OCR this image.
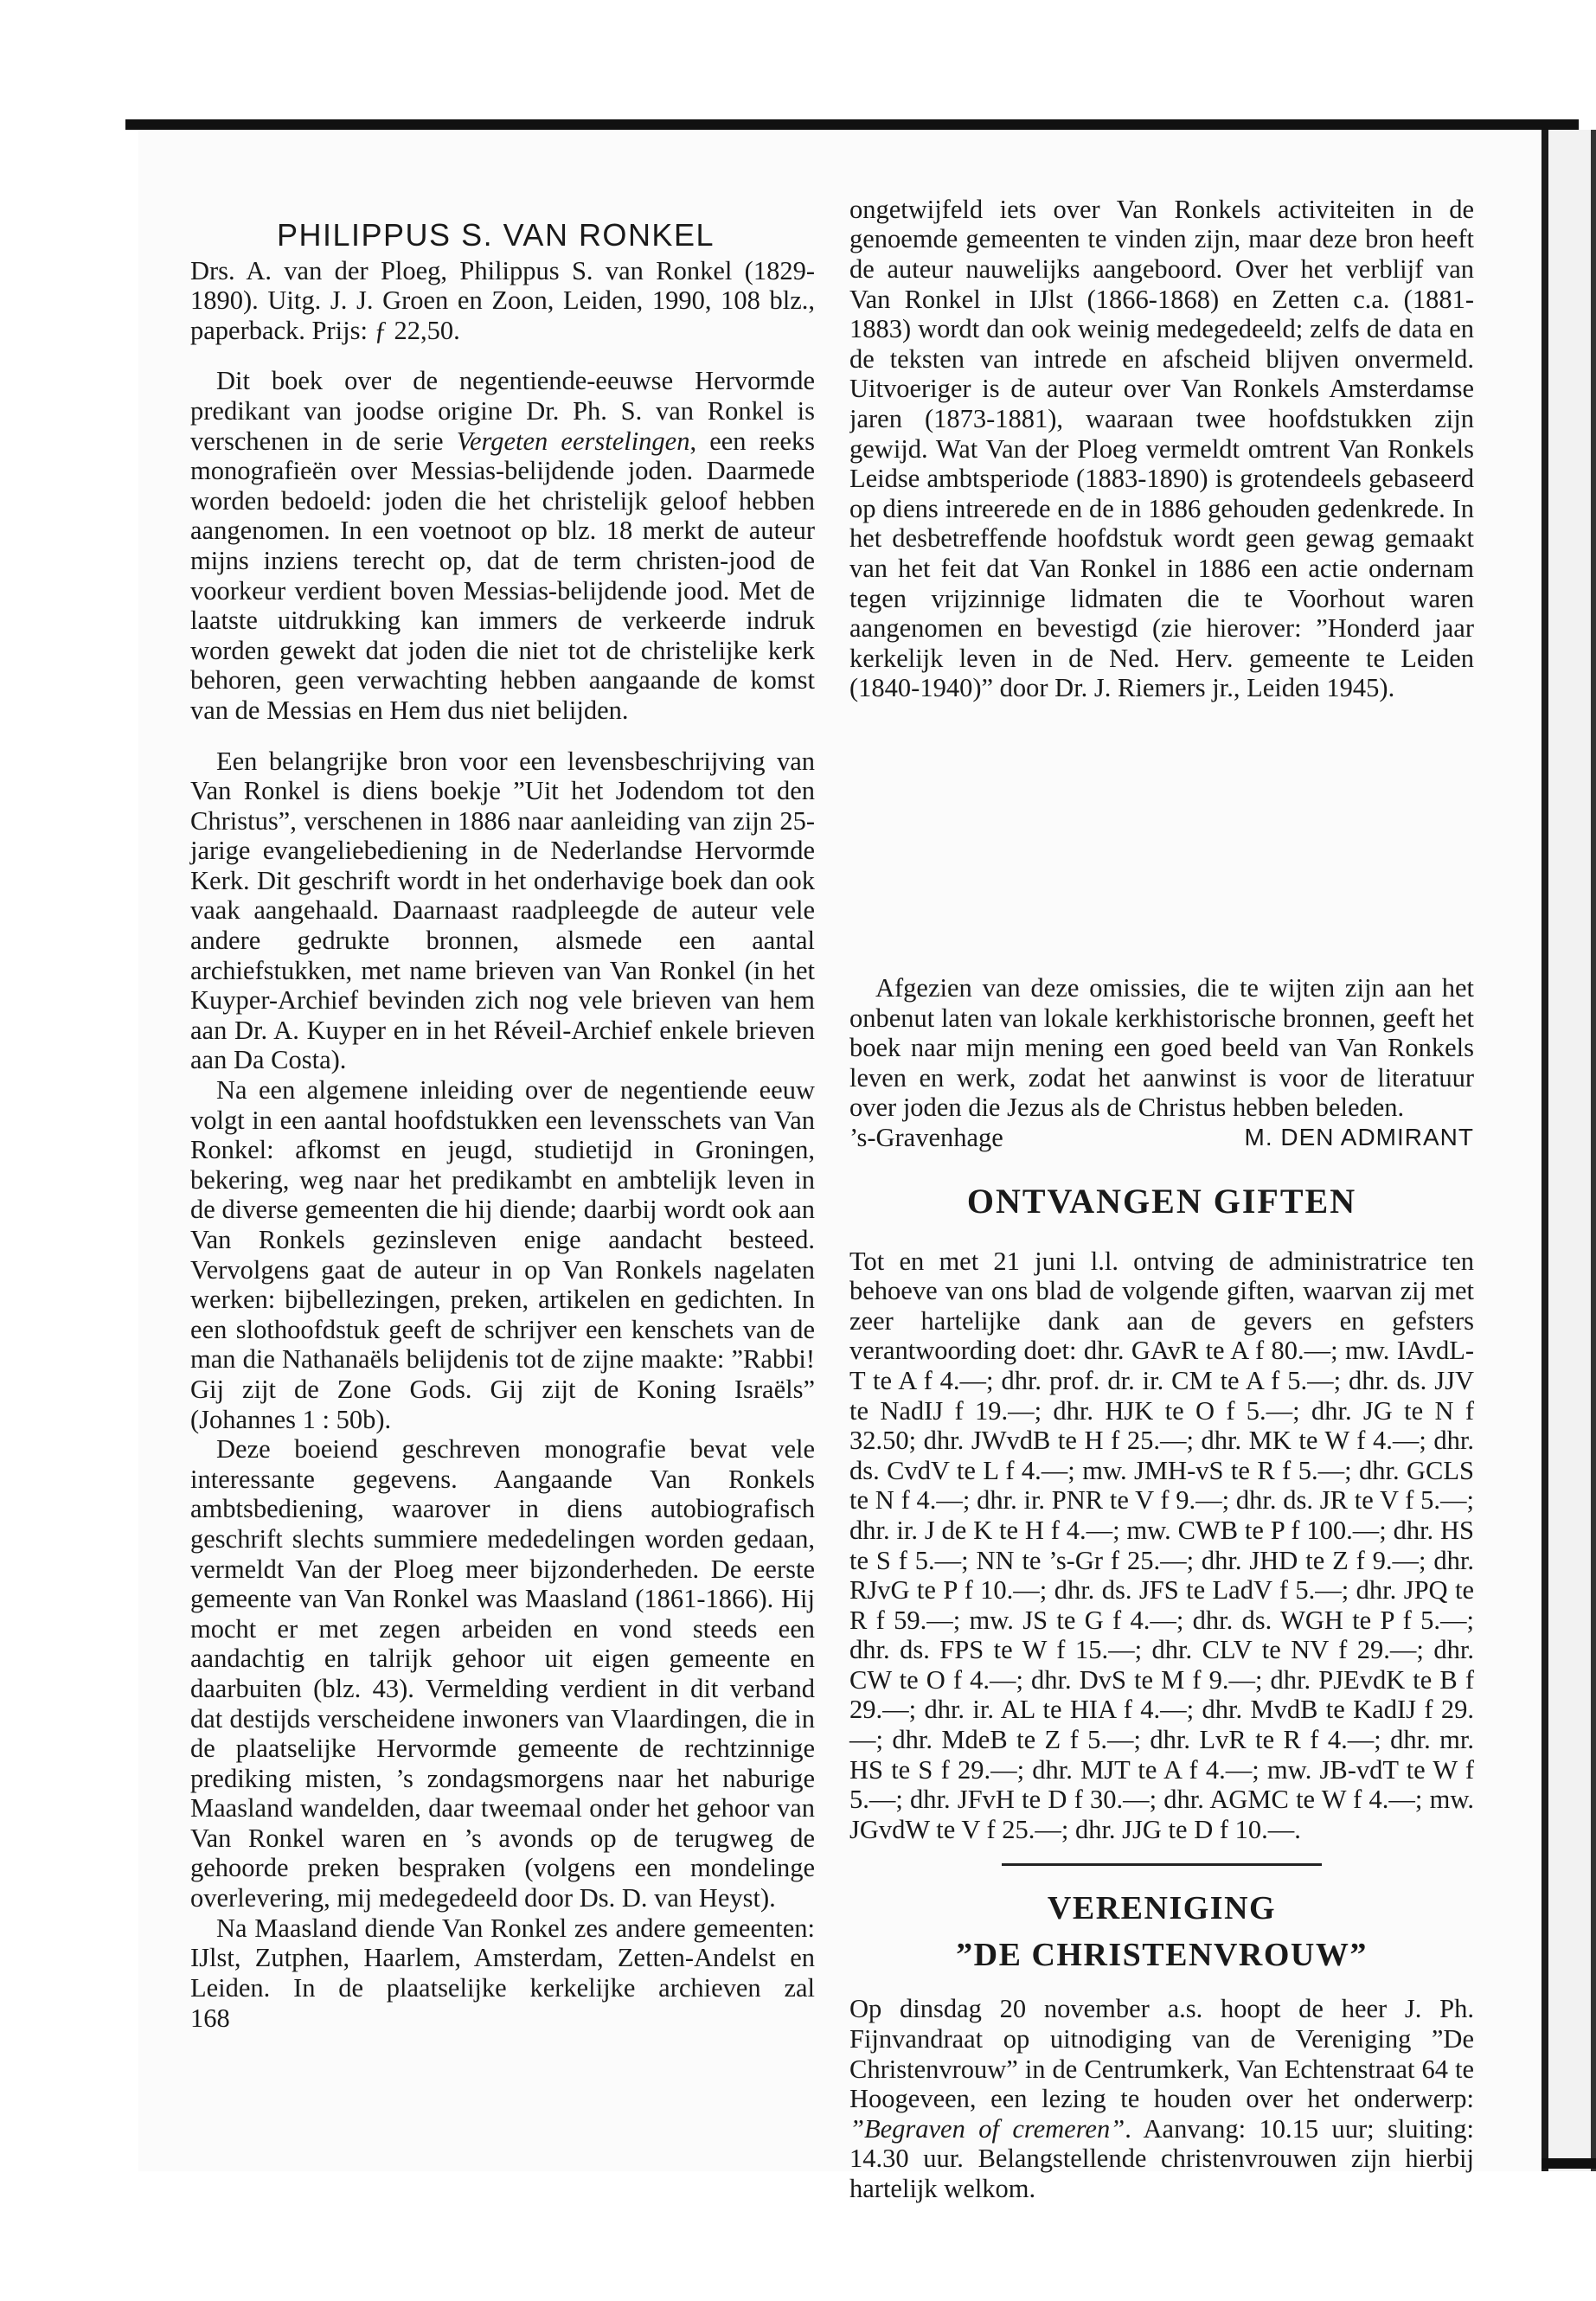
PHILIPPUS S. VAN RONKEL

Drs. A. van der Ploeg, Philippus S. van Ronkel (1829-1890). Uitg. J. J. Groen en Zoon, Leiden, 1990, 108 blz., paperback. Prijs: ƒ 22,50.

Dit boek over de negentiende-eeuwse Hervormde predikant van joodse origine Dr. Ph. S. van Ronkel is verschenen in de serie Vergeten eerstelingen, een reeks monografieën over Messias-belijdende joden. Daarmede worden bedoeld: joden die het christelijk geloof hebben aangenomen. In een voetnoot op blz. 18 merkt de auteur mijns inziens terecht op, dat de term christen-jood de voorkeur verdient boven Messias-belijdende jood. Met de laatste uitdrukking kan immers de verkeerde indruk worden gewekt dat joden die niet tot de christelijke kerk behoren, geen verwachting hebben aangaande de komst van de Messias en Hem dus niet belijden.

Een belangrijke bron voor een levensbeschrijving van Van Ronkel is diens boekje ”Uit het Jodendom tot den Christus”, verschenen in 1886 naar aanleiding van zijn 25-jarige evangeliebediening in de Nederlandse Hervormde Kerk. Dit geschrift wordt in het onderhavige boek dan ook vaak aangehaald. Daarnaast raadpleegde de auteur vele andere gedrukte bronnen, alsmede een aantal archiefstukken, met name brieven van Van Ronkel (in het Kuyper-Archief bevinden zich nog vele brieven van hem aan Dr. A. Kuyper en in het Réveil-Archief enkele brieven aan Da Costa).

Na een algemene inleiding over de negentiende eeuw volgt in een aantal hoofdstukken een levensschets van Van Ronkel: afkomst en jeugd, studietijd in Groningen, bekering, weg naar het predikambt en ambtelijk leven in de diverse gemeenten die hij diende; daarbij wordt ook aan Van Ronkels gezinsleven enige aandacht besteed. Vervolgens gaat de auteur in op Van Ronkels nagelaten werken: bijbellezingen, preken, artikelen en gedichten. In een slothoofdstuk geeft de schrijver een kenschets van de man die Nathanaëls belijdenis tot de zijne maakte: ”Rabbi! Gij zijt de Zone Gods. Gij zijt de Koning Israëls” (Johannes 1 : 50b).

Deze boeiend geschreven monografie bevat vele interessante gegevens. Aangaande Van Ronkels ambtsbediening, waarover in diens autobiografisch geschrift slechts summiere mededelingen worden gedaan, vermeldt Van der Ploeg meer bijzonderheden. De eerste gemeente van Van Ronkel was Maasland (1861-1866). Hij mocht er met zegen arbeiden en vond steeds een aandachtig en talrijk gehoor uit eigen gemeente en daarbuiten (blz. 43). Vermelding verdient in dit verband dat destijds verscheidene inwoners van Vlaardingen, die in de plaatselijke Hervormde gemeente de rechtzinnige prediking misten, ’s zondagsmorgens naar het naburige Maasland wandelden, daar tweemaal onder het gehoor van Van Ronkel waren en ’s avonds op de terugweg de gehoorde preken bespraken (volgens een mondelinge overlevering, mij medegedeeld door Ds. D. van Heyst).

Na Maasland diende Van Ronkel zes andere gemeenten: IJlst, Zutphen, Haarlem, Amsterdam, Zetten-Andelst en Leiden. In de plaatselijke kerkelijke archieven zal

168

ongetwijfeld iets over Van Ronkels activiteiten in de genoemde gemeenten te vinden zijn, maar deze bron heeft de auteur nauwelijks aangeboord. Over het verblijf van Van Ronkel in IJlst (1866-1868) en Zetten c.a. (1881-1883) wordt dan ook weinig medegedeeld; zelfs de data en de teksten van intrede en afscheid blijven onvermeld. Uitvoeriger is de auteur over Van Ronkels Amsterdamse jaren (1873-1881), waaraan twee hoofdstukken zijn gewijd. Wat Van der Ploeg vermeldt omtrent Van Ronkels Leidse ambtsperiode (1883-1890) is grotendeels gebaseerd op diens intreerede en de in 1886 gehouden gedenkrede. In het desbetreffende hoofdstuk wordt geen gewag gemaakt van het feit dat Van Ronkel in 1886 een actie ondernam tegen vrijzinnige lidmaten die te Voorhout waren aangenomen en bevestigd (zie hierover: ”Honderd jaar kerkelijk leven in de Ned. Herv. gemeente te Leiden (1840-1940)” door Dr. J. Riemers jr., Leiden 1945).

Afgezien van deze omissies, die te wijten zijn aan het onbenut laten van lokale kerkhistorische bronnen, geeft het boek naar mijn mening een goed beeld van Van Ronkels leven en werk, zodat het aanwinst is voor de literatuur over joden die Jezus als de Christus hebben beleden.

’s-Gravenhage	M. DEN ADMIRANT

ONTVANGEN GIFTEN

Tot en met 21 juni l.l. ontving de administratrice ten behoeve van ons blad de volgende giften, waarvan zij met zeer hartelijke dank aan de gevers en gefsters verantwoording doet: dhr. GAvR te A f 80.—; mw. IAvdL-T te A f 4.—; dhr. prof. dr. ir. CM te A f 5.—; dhr. ds. JJV te NadIJ f 19.—; dhr. HJK te O f 5.—; dhr. JG te N f 32.50; dhr. JWvdB te H f 25.—; dhr. MK te W f 4.—; dhr. ds. CvdV te L f 4.—; mw. JMH-vS te R f 5.—; dhr. GCLS te N f 4.—; dhr. ir. PNR te V f 9.—; dhr. ds. JR te V f 5.—; dhr. ir. J de K te H f 4.—; mw. CWB te P f 100.—; dhr. HS te S f 5.—; NN te ’s-Gr f 25.—; dhr. JHD te Z f 9.—; dhr. RJvG te P f 10.—; dhr. ds. JFS te LadV f 5.—; dhr. JPQ te R f 59.—; mw. JS te G f 4.—; dhr. ds. WGH te P f 5.—; dhr. ds. FPS te W f 15.—; dhr. CLV te NV f 29.—; dhr. CW te O f 4.—; dhr. DvS te M f 9.—; dhr. PJEvdK te B f 29.—; dhr. ir. AL te HIA f 4.—; dhr. MvdB te KadIJ f 29.—; dhr. MdeB te Z f 5.—; dhr. LvR te R f 4.—; dhr. mr. HS te S f 29.—; dhr. MJT te A f 4.—; mw. JB-vdT te W f 5.—; dhr. JFvH te D f 30.—; dhr. AGMC te W f 4.—; mw. JGvdW te V f 25.—; dhr. JJG te D f 10.—.

VERENIGING
”DE CHRISTENVROUW”

Op dinsdag 20 november a.s. hoopt de heer J. Ph. Fijnvandraat op uitnodiging van de Vereniging ”De Christenvrouw” in de Centrumkerk, Van Echtenstraat 64 te Hoogeveen, een lezing te houden over het onderwerp: ”Begraven of cremeren”. Aanvang: 10.15 uur; sluiting: 14.30 uur. Belangstellende christenvrouwen zijn hierbij hartelijk welkom.
